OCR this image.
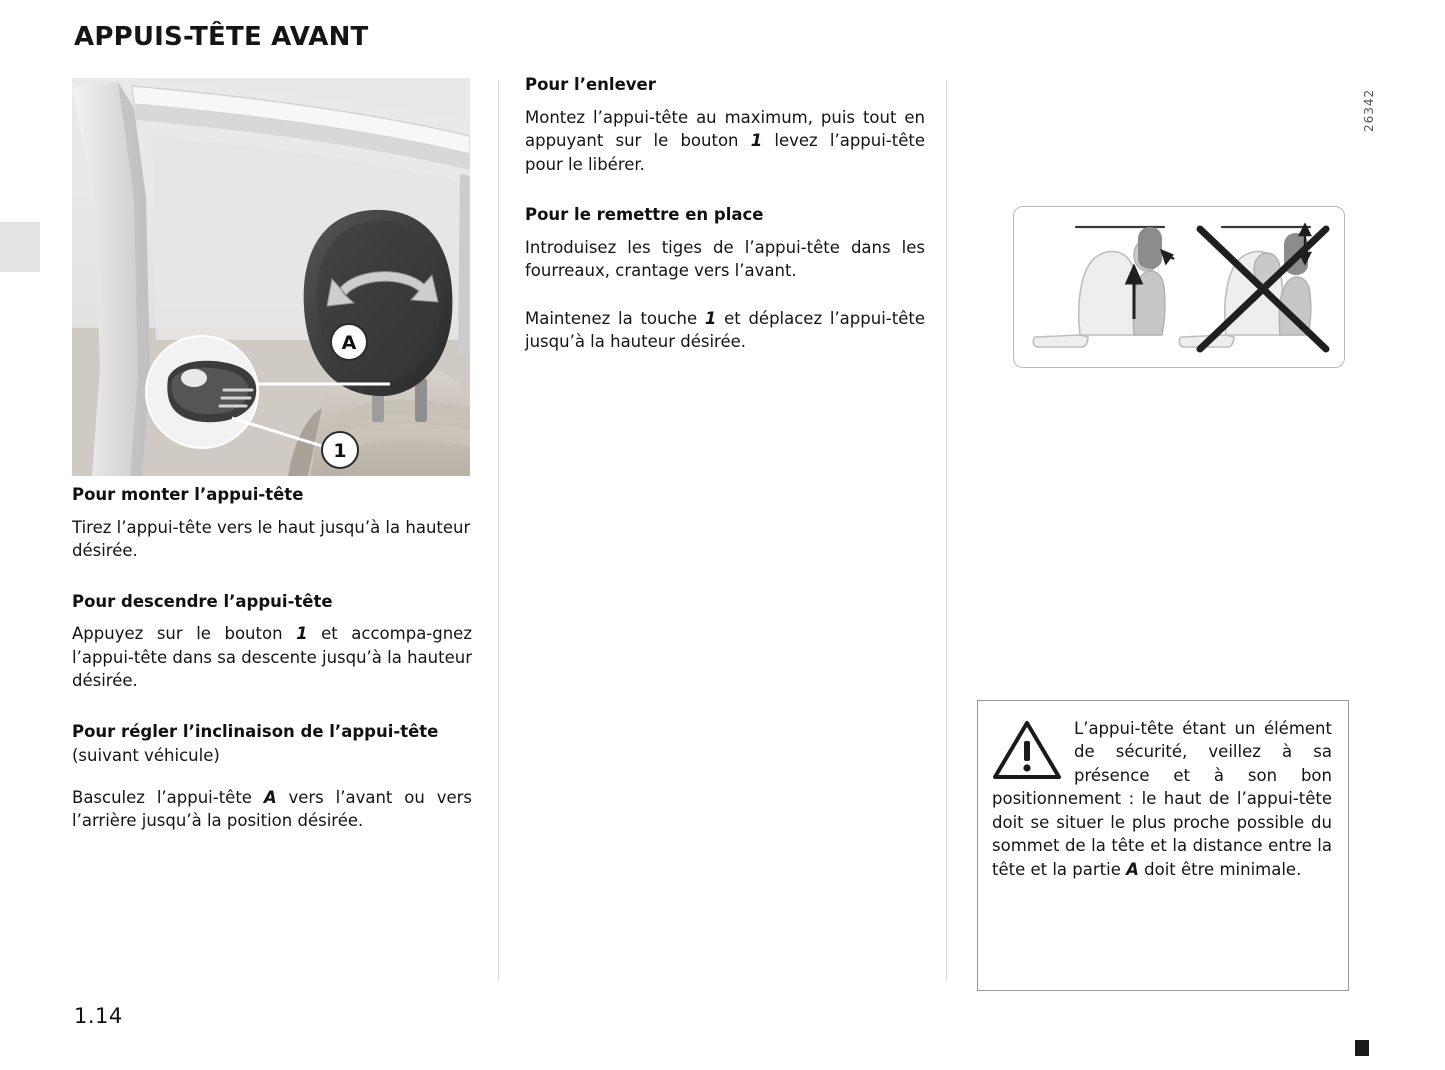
APPUIS-TÊTE AVANT
A
1
Pour monter l’appui-tête

Tirez l’appui-tête vers le haut jusqu’à la hauteur désirée.

Pour descendre l’appui-tête

Appuyez sur le bouton 1 et accompa-gnez l’appui-tête dans sa descente jusqu’à la hauteur désirée.

Pour régler l’inclinaison de l’appui-tête

(suivant véhicule)

Basculez l’appui-tête A vers l’avant ou vers l’arrière jusqu’à la position désirée.

Pour l’enlever

Montez l’appui-tête au maximum, puis tout en appuyant sur le bouton 1 levez l’appui-tête pour le libérer.

Pour le remettre en place

Introduisez les tiges de l’appui-tête dans les fourreaux, crantage vers l’avant.

Maintenez la touche 1 et déplacez l’appui-tête jusqu’à la hauteur désirée.

26342
L’appui-tête étant un élément de sécurité, veillez à sa présence et à son bon positionnement : le haut de l’appui-tête doit se situer le plus proche possible du sommet de la tête et la distance entre la tête et la partie A doit être minimale.
1.14
